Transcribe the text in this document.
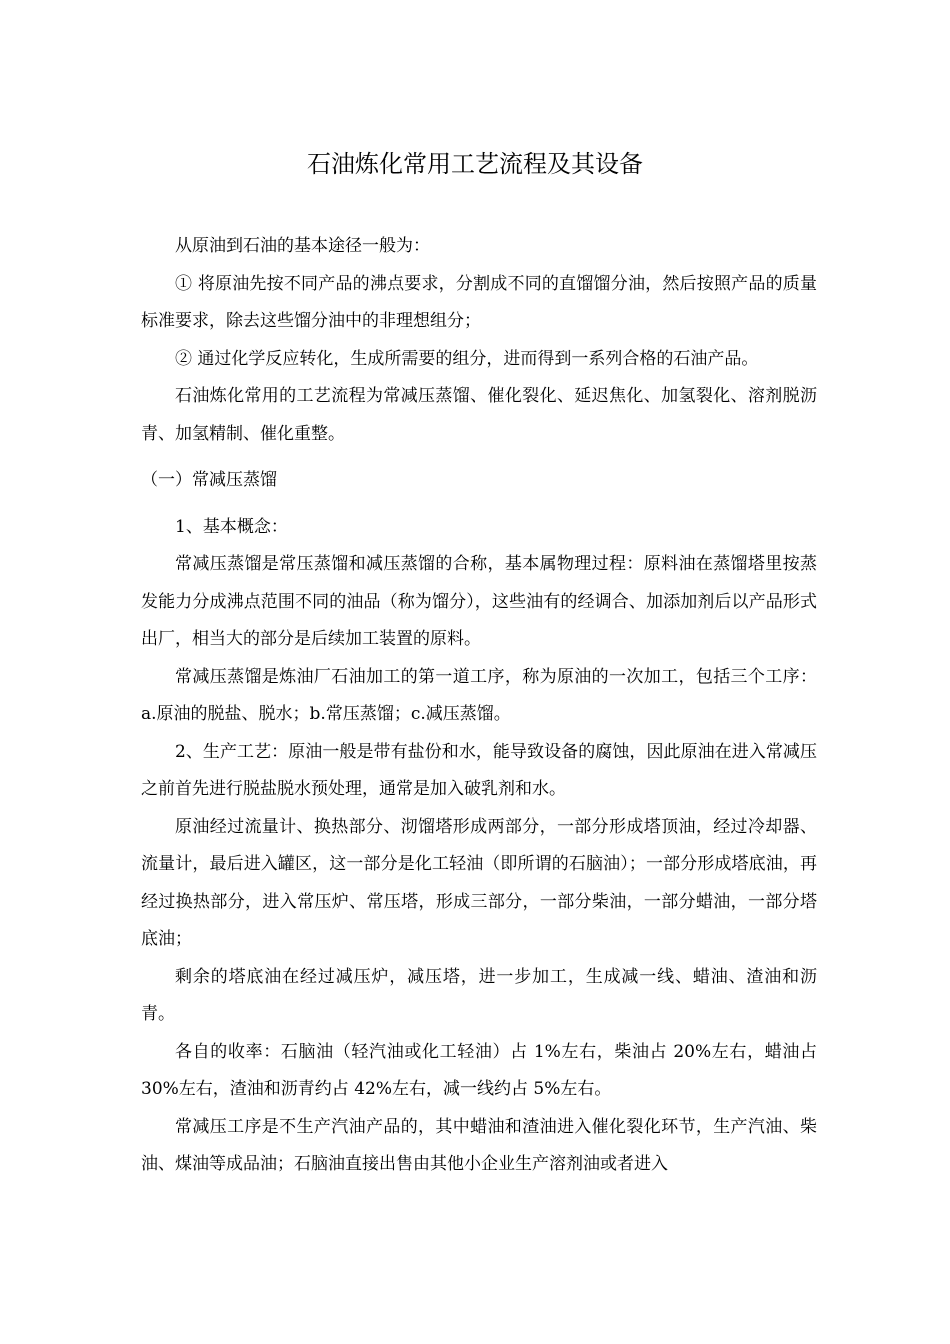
石油炼化常用工艺流程及其设备

从原油到石油的基本途径一般为：

① 将原油先按不同产品的沸点要求，分割成不同的直馏馏分油，然后按照产品的质量标准要求，除去这些馏分油中的非理想组分；

② 通过化学反应转化，生成所需要的组分，进而得到一系列合格的石油产品。

石油炼化常用的工艺流程为常减压蒸馏、催化裂化、延迟焦化、加氢裂化、溶剂脱沥青、加氢精制、催化重整。

（一）常减压蒸馏

1、基本概念：

常减压蒸馏是常压蒸馏和减压蒸馏的合称，基本属物理过程：原料油在蒸馏塔里按蒸发能力分成沸点范围不同的油品（称为馏分），这些油有的经调合、加添加剂后以产品形式出厂，相当大的部分是后续加工装置的原料。

常减压蒸馏是炼油厂石油加工的第一道工序，称为原油的一次加工，包括三个工序：a.原油的脱盐、脱水；b.常压蒸馏；c.减压蒸馏。

2、生产工艺：原油一般是带有盐份和水，能导致设备的腐蚀，因此原油在进入常减压之前首先进行脱盐脱水预处理，通常是加入破乳剂和水。

原油经过流量计、换热部分、沏馏塔形成两部分，一部分形成塔顶油，经过冷却器、流量计，最后进入罐区，这一部分是化工轻油（即所谓的石脑油）；一部分形成塔底油，再经过换热部分，进入常压炉、常压塔，形成三部分，一部分柴油，一部分蜡油，一部分塔底油；

剩余的塔底油在经过减压炉，减压塔，进一步加工，生成减一线、蜡油、渣油和沥青。

各自的收率：石脑油（轻汽油或化工轻油）占 1%左右，柴油占 20%左右，蜡油占 30%左右，渣油和沥青约占 42%左右，减一线约占 5%左右。

常减压工序是不生产汽油产品的，其中蜡油和渣油进入催化裂化环节，生产汽油、柴油、煤油等成品油；石脑油直接出售由其他小企业生产溶剂油或者进入
